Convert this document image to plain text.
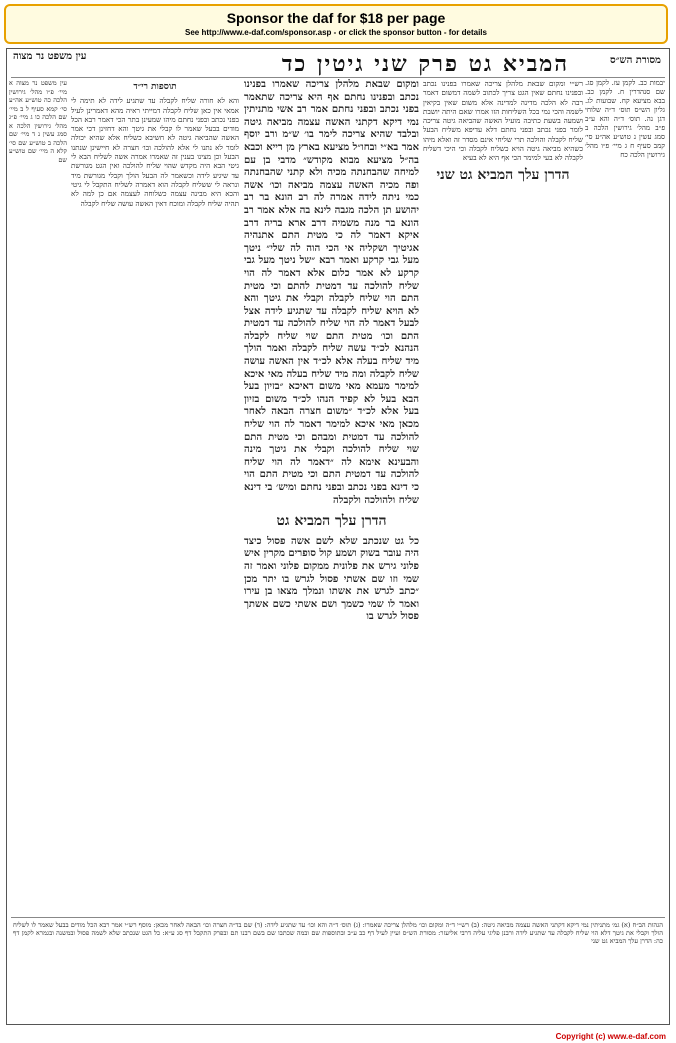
Sponsor the daf for $18 per page
See http://www.e-daf.com/sponsor.asp - or click the sponsor button - for details
המביא גט פרק שני גיטין כד	מסורת הש״ס
עין משפט נר מצוה
יבמות כב. לקמן עז. לקמן סג. שם סנהדרין ח. לקמן כב. בבא מציעא קח. שבועות לג. גליון הש״ס תוס׳ ד״ה שלוחי דגן נה. תוס׳ ד״ה והא ע״ב פ״ב מהל׳ גירושין הלכה ב סמג עשין נ טוש״ע אה״ע סי׳ קמב סעיף ח ג מיי׳ פ״ו מהל׳ גירושין הלכה כח
רש״י ומקום שבאת מלהלן צריכה שאמרו בפנינו נכתב ובפנינו נחתם שאין הגט צריך לכתוב לשמה דמשום דאמר רבה לא הלכה מדינה למדינה אלא משום שאין בקיאין לשמה והכי נמי בכל השליחות הזו אמרו שאם היתה יושבת ושמעה בשעת כתיבה מועיל האשה שהביאה גיטה צריכה לומר בפני נכתב ובפני נחתם דלא עדיפא משליח הבעל שליח לקבלה והולכה תרי שליחי אינם מסדר זה ואלא מיהו כשהיא מביאה גיטה הויא כשליח לקבלה וכי היכי דשליח לקבלה לא בעי למימר הכי אף היא לא בעיא
הדרן עלך המביא גט שני
ומקום שבאת מלהלן צריכה שאמרו בפנינו נכתב ובפנינו נחתם אף היא צריכה שתאמר בפני נכתב ובפני נחתם אמר רב אשי מתניתין נמי דיקא דקתני האשה עצמה מביאה גיטה ובלבד שהיא צריכה לימר בו׳ ש״מ ורב יוסף אמר בא״י ובחו״ל מציעא בארץ מן רייא וכבא בה״ל מציעא מבוא מקודש״ מדבי בן עם למיחה שהבחנתה מכיה ולא קתני שהבחנתה ופה מכיה האשה עצמה מביאה וכו׳ אשה כמי ניתה לידה אמרה לה רב הונא בר רב יהושע תן הלכה מגבה לינא בה אלא אמר רב הונא בר מנה משמיה דרב ארא בריה דרב איקא דאמר לה כי מטית התם אתנהיה אגיטיך ושקליה אי הכי הוה לה שלי״ ניטך מעל גבי קרקע ואמר רבא ״של ניטך מעל גבי קרקע לא אמר כלום אלא דאמר לה הוי שליח להולכה עד דמטית להתם וכי מטית התם הוי שליח לקבלה וקבלי את גיטך והא לא הויא שליח לקבלה עד שתגיע לידה אצל לבעל דאמר לה הוי שליח להולכה עד דמטית התם וכו׳ מטית התם שוי שליח לקבלה הנהנא לכ״ד עשה שליח לקבלה ואמר הולך מיד שליח בעלה אלא לכ״ד אין האשה עושה שליח לקבלה ומה מיד שליח בעלה מאי איכא למימר מעמא מאי משום דאיכא ״בזיון בעל הבא בעל לא קפיד הנהו לכ״ד משום בזיון בעל אלא לכ״ד ״משום חצרה הבאה לאחר מכאן מאי איכא למימר דאמר לה הוי שליח להולכה עד דמטית ומבהם וכי מטית התם שוי שליח להולכה וקבלי את גיטך מינה והבעינא אימא לה ״דאמר לה הוי שליח להולכה עד דמטית התם וכי מטית התם הוי כי דינא בפני נכתב ובפני נחתם ומיש׳ בי דינא שליח ולהולכה ולקבלה
הדרן עלך המביא גט
כל גט שנכתב שלא לשם אשה פסול כיצד היה עובר בשוק ושמע קול סופרים מקרין איש פלוני גירש את פלונית ממקום פלוני ואמר זה שמי וזו שם אשתי פסול לגרש בו יתר מכן ״כתב לגרש את אשתו ונמלך מצאו בן עירו ואמר לו שמי כשמך ושם אשתי כשם אשתך פסול לגרש בו
תוספות רי״ד
והא לא חורה שליח לקבלה עד שתגיע לידה לא תימה לי אמאי אין כאן שליח לקבלה דמייתי ראיה מהא דאמרינן לעיל בפני נכתב ובפני נחתם מיהו שמעינן בתר הכי דאמר רבא הכל מודים בבעל שאמר לו קבלי את גיטך והא דחזינן דכי אמר האשה שהביאה גיטה לא חשיבא כשליח אלא שהיא יכולה לומר לא נתנו לי אלא להולכה ובו׳ חצרה לא חיישינן שנתנו הבעל וכן מצינו בענין זה שאמרו אמרה אשה לשליח הבא לי גיטי הבא היה מקדש שהוי שליח להולכה ואין הגט מגורשת עד שיגיע לידה וכשאמר לה הבעל הולך וקבלי מגורשת מיד ונראה לי ששליח לקבלה הוא דאמרה לשליח התקבל לי גיטי והכא היא מבינה עצמה כשלוחה לעצמה אם כן למה לא תהיה שליח לקבלה ומוכח דאין האשה עושה שליח לקבלה
עין משפט נר מצוה א מיי׳ פ״ו מהל׳ גירושין הלכה כה טוש״ע אה״ע סי׳ קמא סעיף ל ב מיי׳ שם הלכה כו ג מיי׳ פ״ג מהל׳ גירושין הלכה א סמג עשין נ ד מיי׳ שם הלכה ב טוש״ע שם סי׳ קלא ה מיי׳ שם טוש״ע שם
הגהות הב״ח (א) גמ׳ מתניתין נמי דיקא דקתני האשה עצמה מביאה גיטה: (ב) רש״י ד״ה ומקום וכו׳ מלהלן צריכה שאמרו: (ג) תוס׳ ד״ה והא וכו׳ עד שתגיע לידה: (ד) שם בד״ה חצרה וכו׳ הבאה לאחר מכאן: מוסף רש״י אמר רבא הכל מודים בבעל שאמר לו לשליח הולך וקבלי את גיטך דלא הוי שליח לקבלה עד שתגיע לידה ורבנן פליגי עליה דרבי אליעזר: מסורת הש״ס ועיין לעיל דף כב ע״ב ובתוספות שם ובמה שכתבו שם בשם רבנו תם ובפרק התקבל דף סג ע״א: כל הגט שנכתב שלא לשמה פסול ובמשנה ובגמרא לקמן דף כה: הדרן עלך המביא גט שני
Copyright (c) www.e-daf.com
